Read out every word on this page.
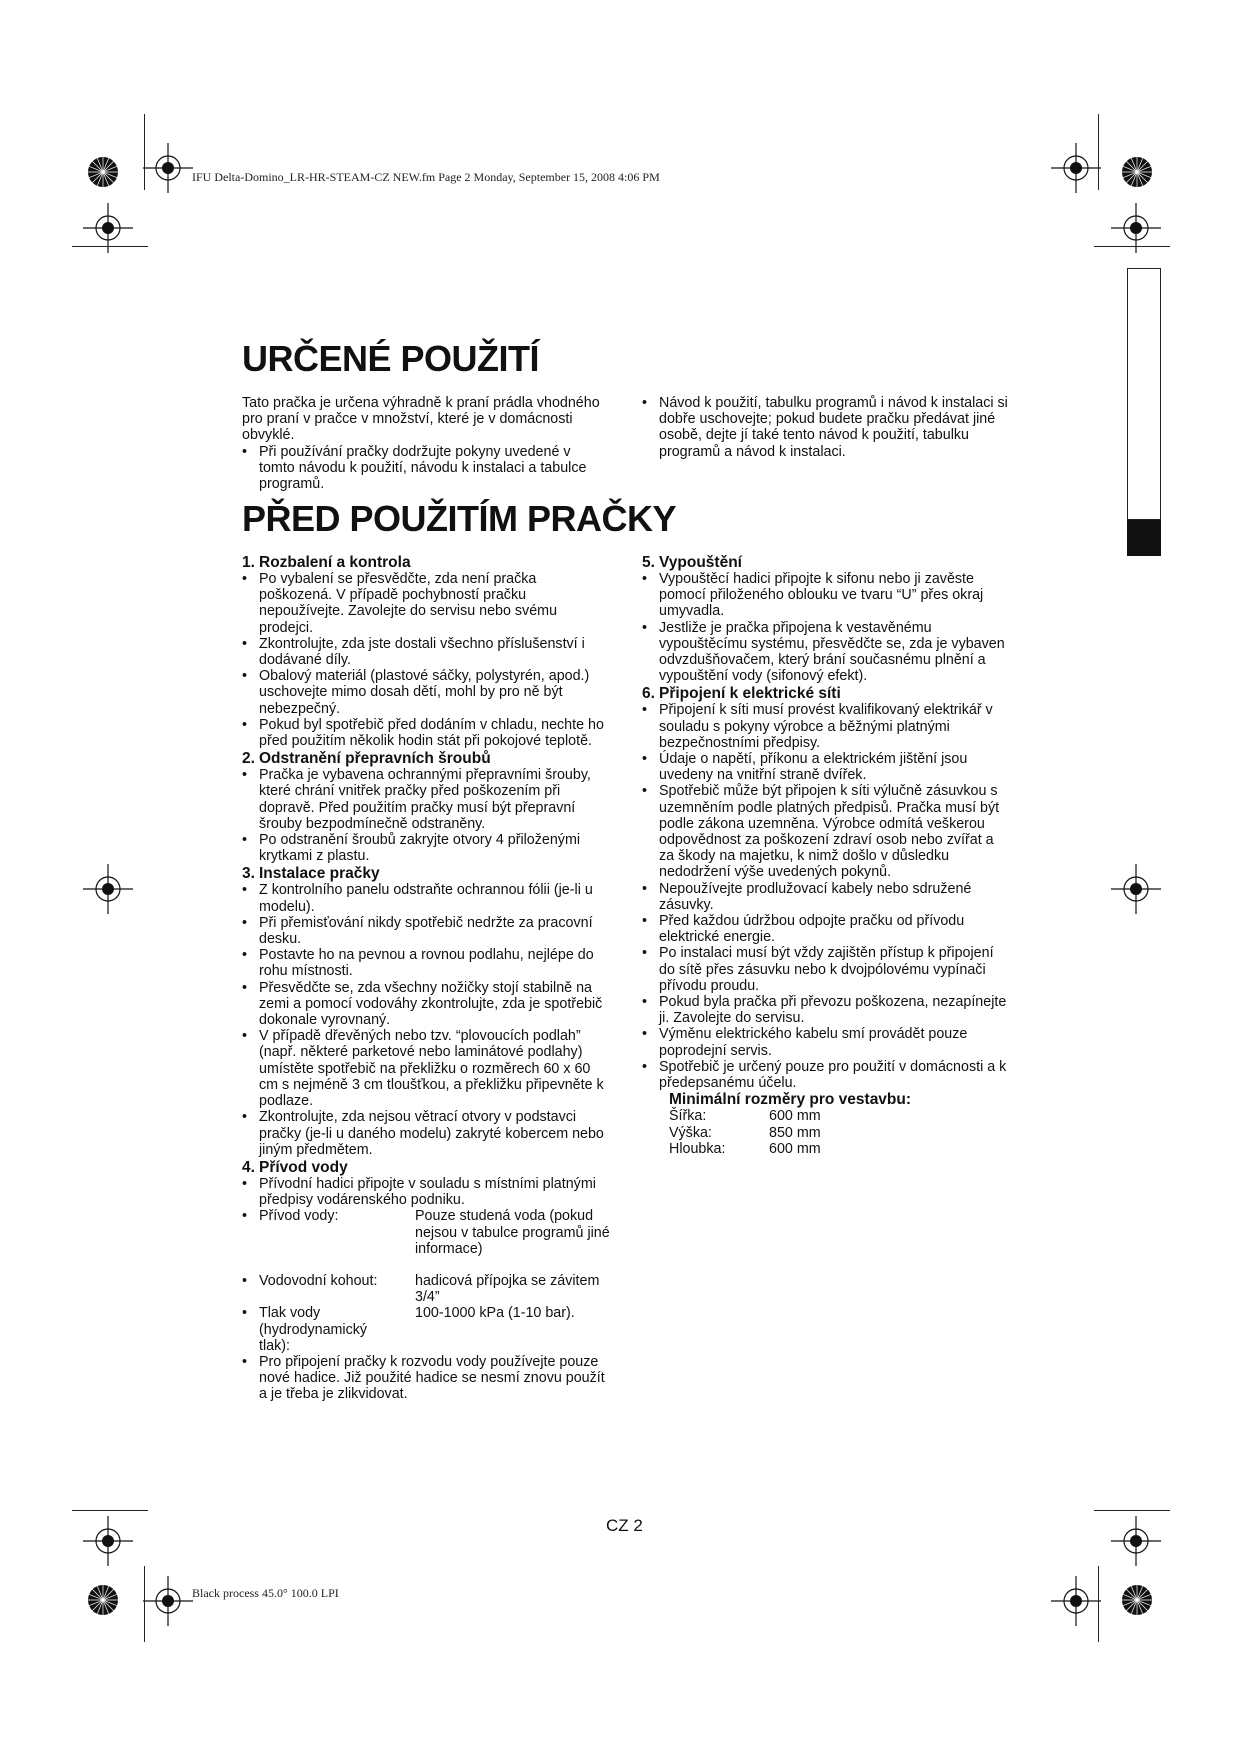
IFU Delta-Domino_LR-HR-STEAM-CZ NEW.fm Page 2 Monday, September 15, 2008 4:06 PM
Black process 45.0° 100.0 LPI
URČENÉ POUŽITÍ
PŘED POUŽITÍM PRAČKY

Tato pračka je určena výhradně k praní prádla vhodného pro praní v pračce v množství, které je v domácnosti obvyklé.

• Při používání pračky dodržujte pokyny uvedené v tomto návodu k použití, návodu k instalaci a tabulce programů.
• Návod k použití, tabulku programů i návod k instalaci si dobře uschovejte; pokud budete pračku předávat jiné osobě, dejte jí také tento návod k použití, tabulku programů a návod k instalaci.
1. Rozbalení a kontrola
• Po vybalení se přesvědčte, zda není pračka poškozená. V případě pochybností pračku nepoužívejte. Zavolejte do servisu nebo svému prodejci.
• Zkontrolujte, zda jste dostali všechno příslušenství i dodávané díly.
• Obalový materiál (plastové sáčky, polystyrén, apod.) uschovejte mimo dosah dětí, mohl by pro ně být nebezpečný.
• Pokud byl spotřebič před dodáním v chladu, nechte ho před použitím několik hodin stát při pokojové teplotě.
2. Odstranění přepravních šroubů
• Pračka je vybavena ochrannými přepravními šrouby, které chrání vnitřek pračky před poškozením při dopravě. Před použitím pračky musí být přepravní šrouby bezpodmínečně odstraněny.
• Po odstranění šroubů zakryjte otvory 4 přiloženými krytkami z plastu.
3. Instalace pračky
• Z kontrolního panelu odstraňte ochrannou fólii (je-li u modelu).
• Při přemisťování nikdy spotřebič nedržte za pracovní desku.
• Postavte ho na pevnou a rovnou podlahu, nejlépe do rohu místnosti.
• Přesvědčte se, zda všechny nožičky stojí stabilně na zemi a pomocí vodováhy zkontrolujte, zda je spotřebič dokonale vyrovnaný.
• V případě dřevěných nebo tzv. “plovoucích podlah” (např. některé parketové nebo laminátové podlahy) umístěte spotřebič na překližku o rozměrech 60 x 60 cm s nejméně 3 cm tloušťkou, a překližku připevněte k podlaze.
• Zkontrolujte, zda nejsou větrací otvory v podstavci pračky (je-li u daného modelu) zakryté kobercem nebo jiným předmětem.
4. Přívod vody
• Přívodní hadici připojte v souladu s místními platnými předpisy vodárenského podniku.
• Přívod vody:	Pouze studená voda (pokud nejsou v tabulce programů jiné informace)
• Vodovodní kohout:	hadicová přípojka se závitem 3/4”
• Tlak vody (hydrodynamický tlak):
100-1000 kPa (1-10 bar).
• Pro připojení pračky k rozvodu vody používejte pouze nové hadice. Již použité hadice se nesmí znovu použít a je třeba je zlikvidovat.
5. Vypouštění
• Vypouštěcí hadici připojte k sifonu nebo ji zavěste pomocí přiloženého oblouku ve tvaru “U” přes okraj umyvadla.
• Jestliže je pračka připojena k vestavěnému vypouštěcímu systému, přesvědčte se, zda je vybaven odvzdušňovačem, který brání současnému plnění a vypouštění vody (sifonový efekt).
6. Připojení k elektrické síti
• Připojení k síti musí provést kvalifikovaný elektrikář v souladu s pokyny výrobce a běžnými platnými bezpečnostními předpisy.
• Údaje o napětí, příkonu a elektrickém jištění jsou uvedeny na vnitřní straně dvířek.
• Spotřebič může být připojen k síti výlučně zásuvkou s uzemněním podle platných předpisů. Pračka musí být podle zákona uzemněna. Výrobce odmítá veškerou odpovědnost za poškození zdraví osob nebo zvířat a za škody na majetku, k nimž došlo v důsledku nedodržení výše uvedených pokynů.
• Nepoužívejte prodlužovací kabely nebo sdružené zásuvky.
• Před každou údržbou odpojte pračku od přívodu elektrické energie.
• Po instalaci musí být vždy zajištěn přístup k připojení do sítě přes zásuvku nebo k dvojpólovému vypínači přívodu proudu.
• Pokud byla pračka při převozu poškozena, nezapínejte ji. Zavolejte do servisu.
• Výměnu elektrického kabelu smí provádět pouze poprodejní servis.
• Spotřebič je určený pouze pro použití v domácnosti a k předepsanému účelu.
Minimální rozměry pro vestavbu:
Šířka:	600 mm
Výška:	850 mm
Hloubka:	600 mm
CZ 2
